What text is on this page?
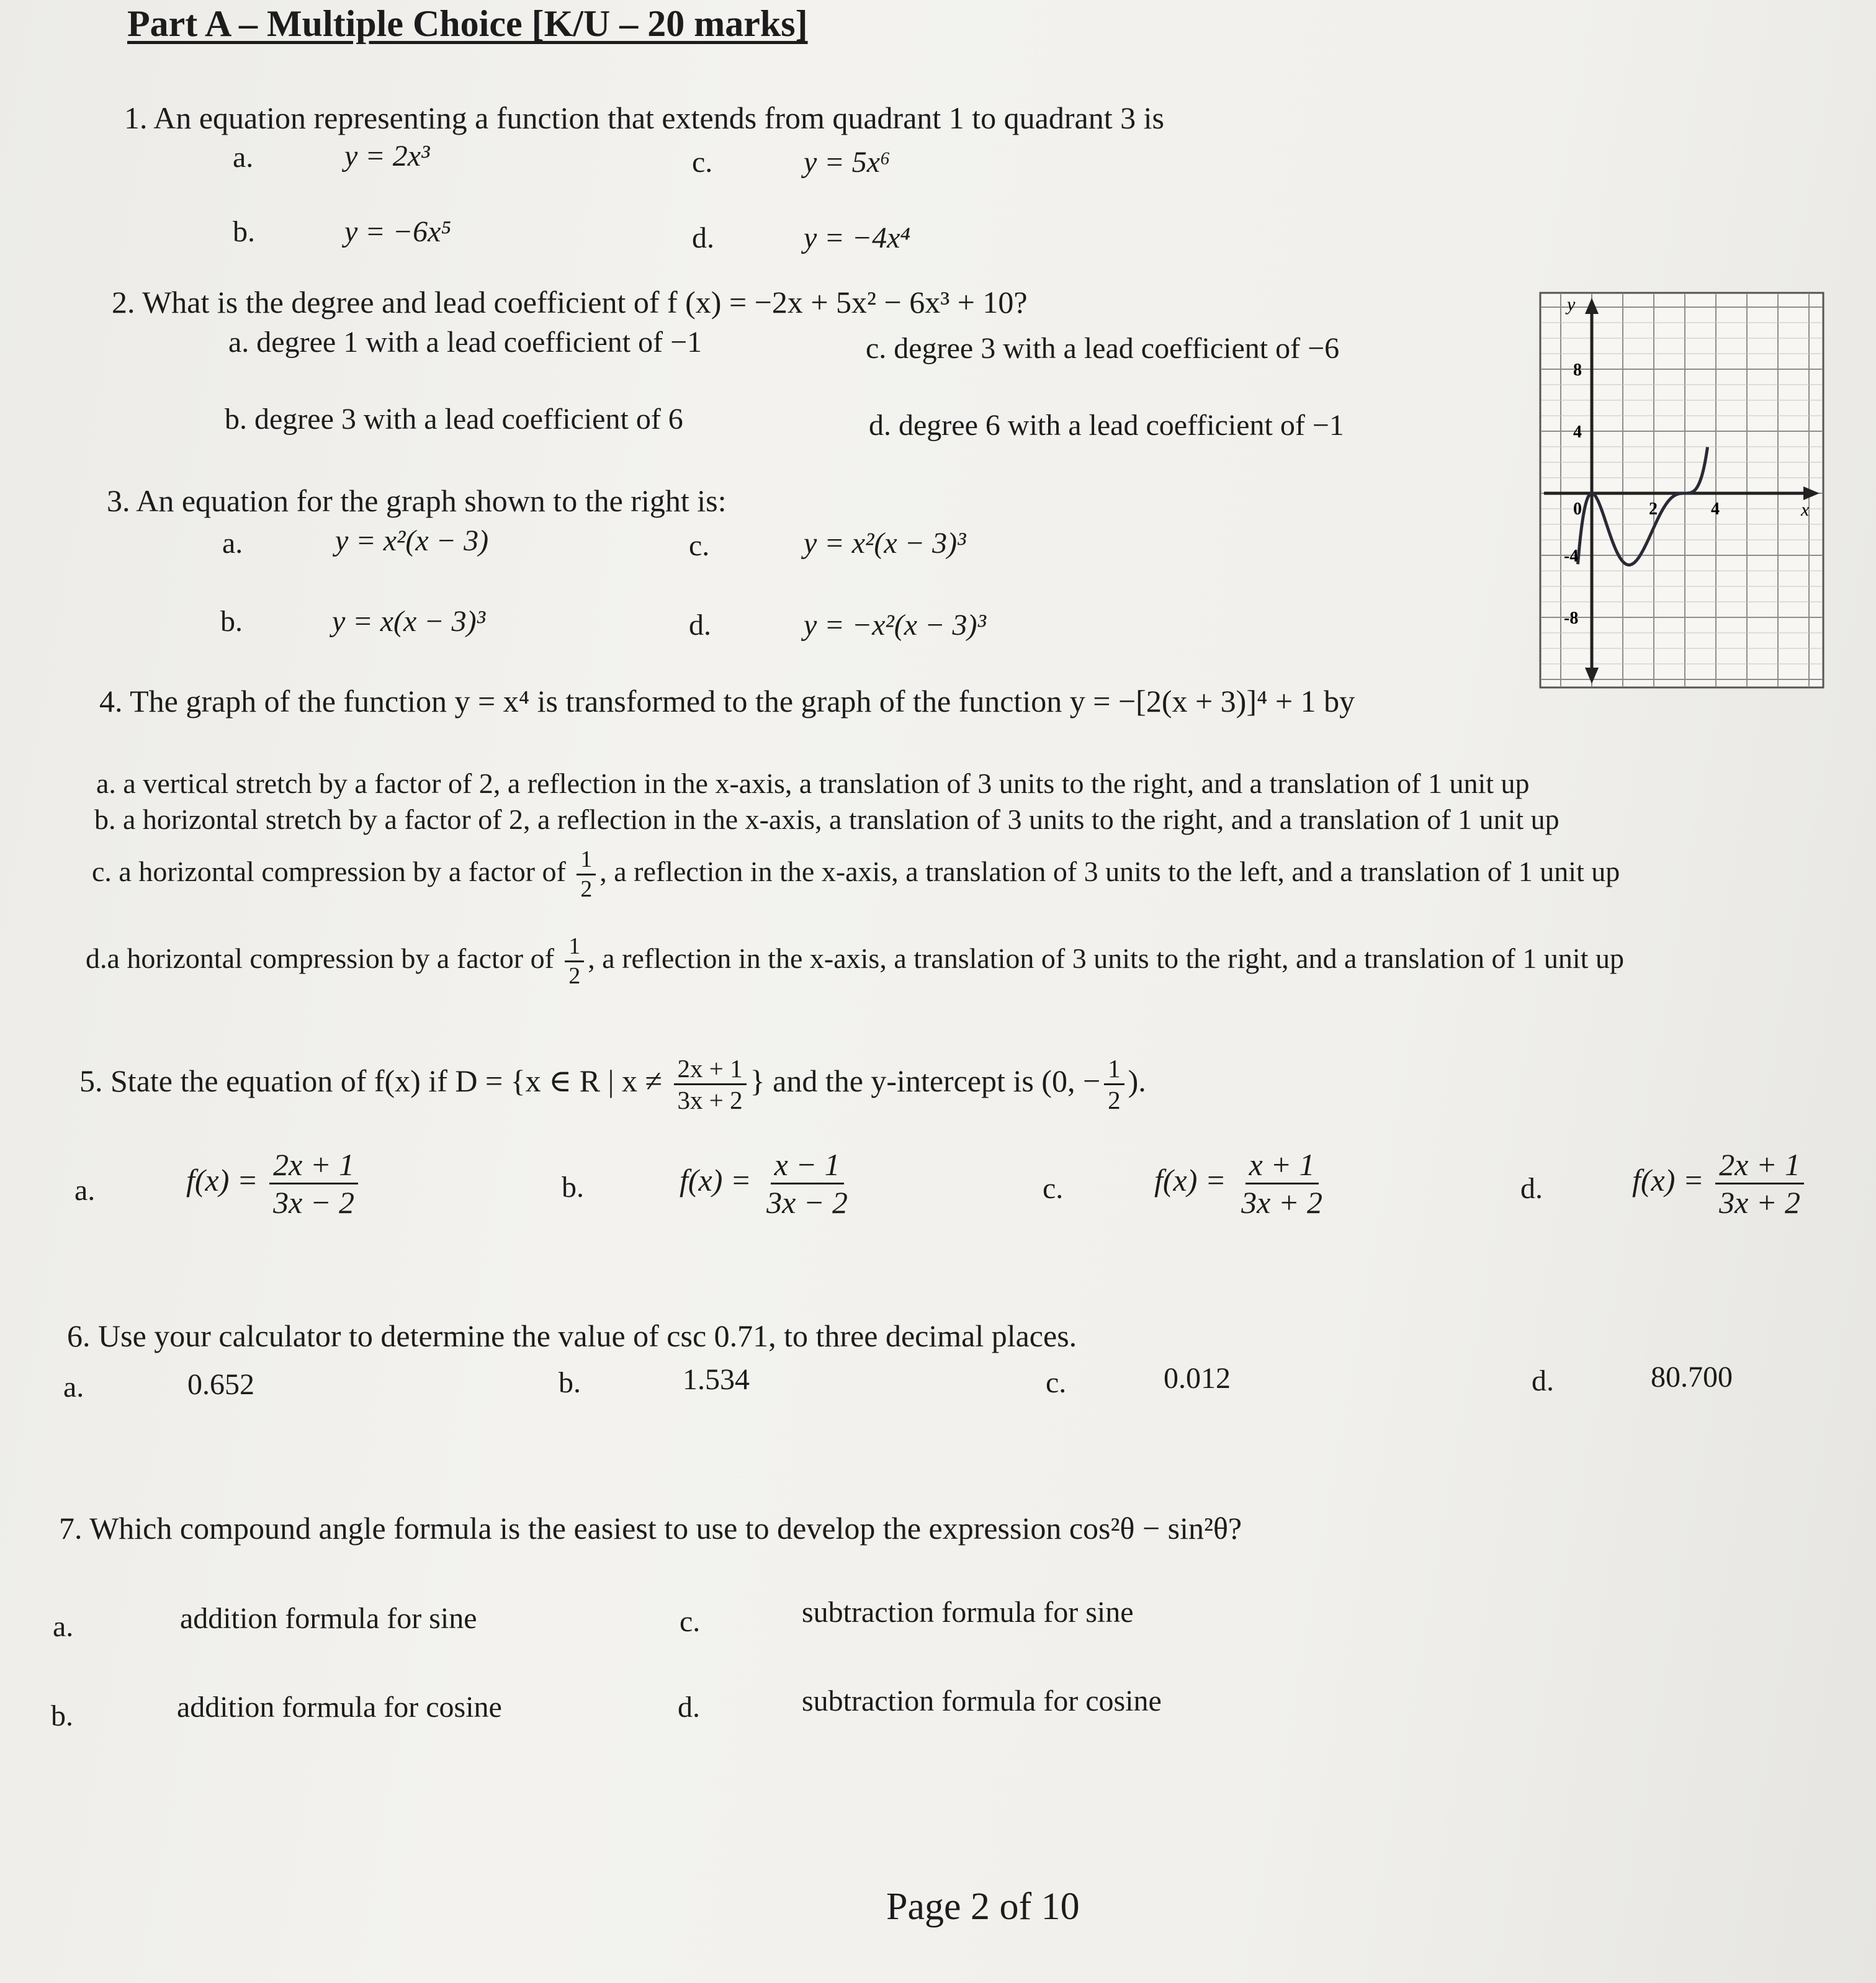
Part A – Multiple Choice [K/U – 20 marks]
1. An equation representing a function that extends from quadrant 1 to quadrant 3 is
a.	y = 2x³	c.	y = 5x⁶
b.	y = −6x⁵	d.	y = −4x⁴
2. What is the degree and lead coefficient of f (x) = −2x + 5x² − 6x³ + 10?
a. degree 1 with a lead coefficient of −1	c. degree 3 with a lead coefficient of −6
b. degree 3 with a lead coefficient of 6	d. degree 6 with a lead coefficient of −1
3. An equation for the graph shown to the right is:
a.	y = x²(x − 3)	c.	y = x²(x − 3)³
b.	y = x(x − 3)³	d.	y = −x²(x − 3)³
y
x
8
4
-4
-8
0	2	4
4. The graph of the function y = x⁴ is transformed to the graph of the function y = −[2(x + 3)]⁴ + 1 by
a. a vertical stretch by a factor of 2, a reflection in the x-axis, a translation of 3 units to the right, and a translation of 1 unit up
b. a horizontal stretch by a factor of 2, a reflection in the x-axis, a translation of 3 units to the right, and a translation of 1 unit up
c. a horizontal compression by a factor of $\frac{1}{2}$ , a reflection in the x-axis, a translation of 3 units to the left, and a translation of 1 unit up
d.a horizontal compression by a factor of $\frac{1}{2}$ , a reflection in the x-axis, a translation of 3 units to the right, and a translation of 1 unit up
5. State the equation of f(x) if D = {x ∈ R | $x \ne \frac{2x + 1}{3x + 2}$ } and the y-intercept is (0, − $\frac{1}{2}$ ).
a.	$f(x) = \frac{2x + 1}{3x - 2}$	b.	$f(x) = \frac{x - 1}{3x - 2}$	c.	$f(x) = \frac{x + 1}{3x + 2}$	d.	$f(x) = \frac{2x + 1}{3x + 2}$
6. Use your calculator to determine the value of csc 0.71, to three decimal places.
a.	0.652	b.	1.534	c.	0.012	d.	80.700
7. Which compound angle formula is the easiest to use to develop the expression cos²θ − sin²θ?
a.	addition formula for sine	c.	subtraction formula for sine
b.	addition formula for cosine	d.	subtraction formula for cosine
Page 2 of 10
